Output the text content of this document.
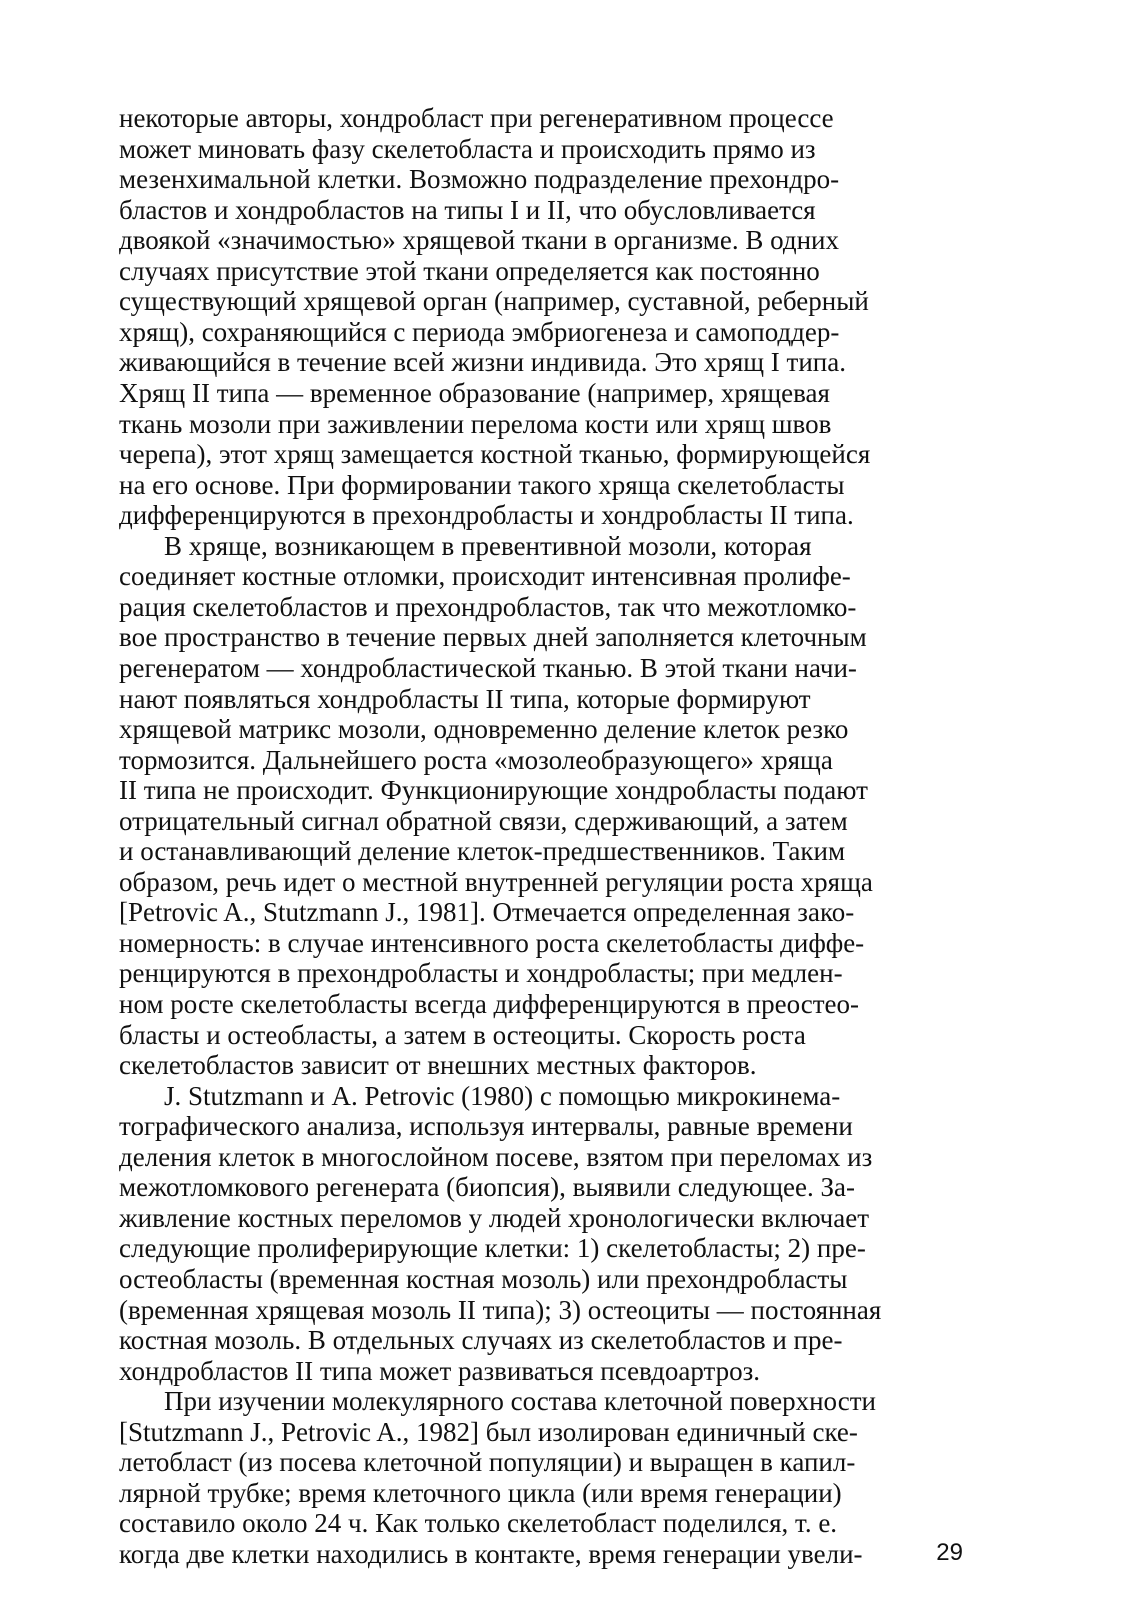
некоторые авторы, хондробласт при регенеративном процессе
может миновать фазу скелетобласта и происходить прямо из
мезенхимальной клетки. Возможно подразделение прехондро-
бластов и хондробластов на типы I и II, что обусловливается
двоякой «значимостью» хрящевой ткани в организме. В одних
случаях присутствие этой ткани определяется как постоянно
существующий хрящевой орган (например, суставной, реберный
хрящ), сохраняющийся с периода эмбриогенеза и самоподдер-
живающийся в течение всей жизни индивида. Это хрящ I типа.
Хрящ II типа — временное образование (например, хрящевая
ткань мозоли при заживлении перелома кости или хрящ швов
черепа), этот хрящ замещается костной тканью, формирующейся
на его основе. При формировании такого хряща скелетобласты
дифференцируются в прехондробласты и хондробласты II типа.
В хряще, возникающем в превентивной мозоли, которая
соединяет костные отломки, происходит интенсивная пролифе-
рация скелетобластов и прехондробластов, так что межотломко-
вое пространство в течение первых дней заполняется клеточным
регенератом — хондробластической тканью. В этой ткани начи-
нают появляться хондробласты II типа, которые формируют
хрящевой матрикс мозоли, одновременно деление клеток резко
тормозится. Дальнейшего роста «мозолеобразующего» хряща
II типа не происходит. Функционирующие хондробласты подают
отрицательный сигнал обратной связи, сдерживающий, а затем
и останавливающий деление клеток-предшественников. Таким
образом, речь идет о местной внутренней регуляции роста хряща
[Petrovic A., Stutzmann J., 1981]. Отмечается определенная зако-
номерность: в случае интенсивного роста скелетобласты диффе-
ренцируются в прехондробласты и хондробласты; при медлен-
ном росте скелетобласты всегда дифференцируются в преостео-
бласты и остеобласты, а затем в остеоциты. Скорость роста
скелетобластов зависит от внешних местных факторов.
J. Stutzmann и A. Petrovic (1980) с помощью микрокинема-
тографического анализа, используя интервалы, равные времени
деления клеток в многослойном посеве, взятом при переломах из
межотломкового регенерата (биопсия), выявили следующее. За-
живление костных переломов у людей хронологически включает
следующие пролиферирующие клетки: 1) скелетобласты; 2) пре-
остеобласты (временная костная мозоль) или прехондробласты
(временная хрящевая мозоль II типа); 3) остеоциты — постоянная
костная мозоль. В отдельных случаях из скелетобластов и пре-
хондробластов II типа может развиваться псевдоартроз.
При изучении молекулярного состава клеточной поверхности
[Stutzmann J., Petrovic A., 1982] был изолирован единичный ске-
летобласт (из посева клеточной популяции) и выращен в капил-
лярной трубке; время клеточного цикла (или время генерации)
составило около 24 ч. Как только скелетобласт поделился, т. е.
когда две клетки находились в контакте, время генерации увели-	29
